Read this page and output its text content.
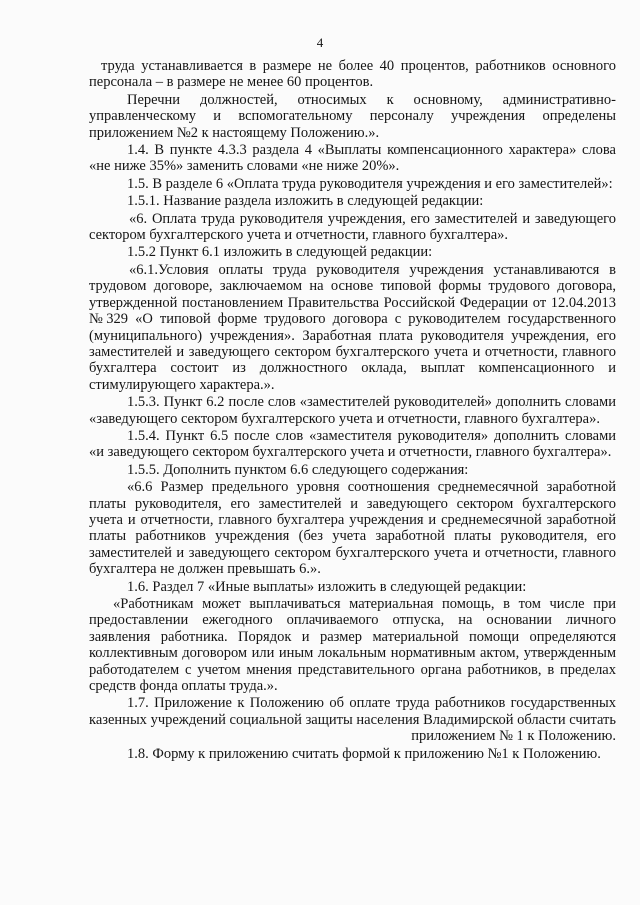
4

труда устанавливается в размере не более 40 процентов, работников основного персонала – в размере не менее 60 процентов.

Перечни должностей, относимых к основному, административно-управленческому и вспомогательному персоналу учреждения определены приложением №2 к настоящему Положению.».

1.4. В пункте 4.3.3 раздела 4 «Выплаты компенсационного характера» слова «не ниже 35%» заменить словами «не ниже 20%».

1.5. В разделе 6 «Оплата труда руководителя учреждения и его заместителей»:

1.5.1. Название раздела изложить в следующей редакции:

«6. Оплата труда руководителя учреждения, его заместителей и заведующего сектором бухгалтерского учета и отчетности, главного бухгалтера».

1.5.2 Пункт 6.1 изложить в следующей редакции:

«6.1.Условия оплаты труда руководителя учреждения устанавливаются в трудовом договоре, заключаемом на основе типовой формы трудового договора, утвержденной постановлением Правительства Российской Федерации от 12.04.2013 №329 «О типовой форме трудового договора с руководителем государственного (муниципального) учреждения». Заработная плата руководителя учреждения, его заместителей и заведующего сектором бухгалтерского учета и отчетности, главного бухгалтера состоит из должностного оклада, выплат компенсационного и стимулирующего характера.».

1.5.3. Пункт 6.2 после слов «заместителей руководителей» дополнить словами «заведующего сектором бухгалтерского учета и отчетности, главного бухгалтера».

1.5.4. Пункт 6.5 после слов «заместителя руководителя» дополнить словами «и заведующего сектором бухгалтерского учета и отчетности, главного бухгалтера».

1.5.5. Дополнить пунктом 6.6 следующего содержания:

«6.6 Размер предельного уровня соотношения среднемесячной заработной платы руководителя, его заместителей и заведующего сектором бухгалтерского учета и отчетности, главного бухгалтера учреждения и среднемесячной заработной платы работников учреждения (без учета заработной платы руководителя, его заместителей и заведующего сектором бухгалтерского учета и отчетности, главного бухгалтера не должен превышать 6.».

1.6. Раздел 7 «Иные выплаты» изложить в следующей редакции:

«Работникам может выплачиваться материальная помощь, в том числе при предоставлении ежегодного оплачиваемого отпуска, на основании личного заявления работника. Порядок и размер материальной помощи определяются коллективным договором или иным локальным нормативным актом, утвержденным работодателем с учетом мнения представительного органа работников, в пределах средств фонда оплаты труда.».

1.7. Приложение к Положению об оплате труда работников государственных казенных учреждений социальной защиты населения Владимирской области считать приложением № 1 к Положению.

1.8. Форму к приложению считать формой к приложению №1 к Положению.
